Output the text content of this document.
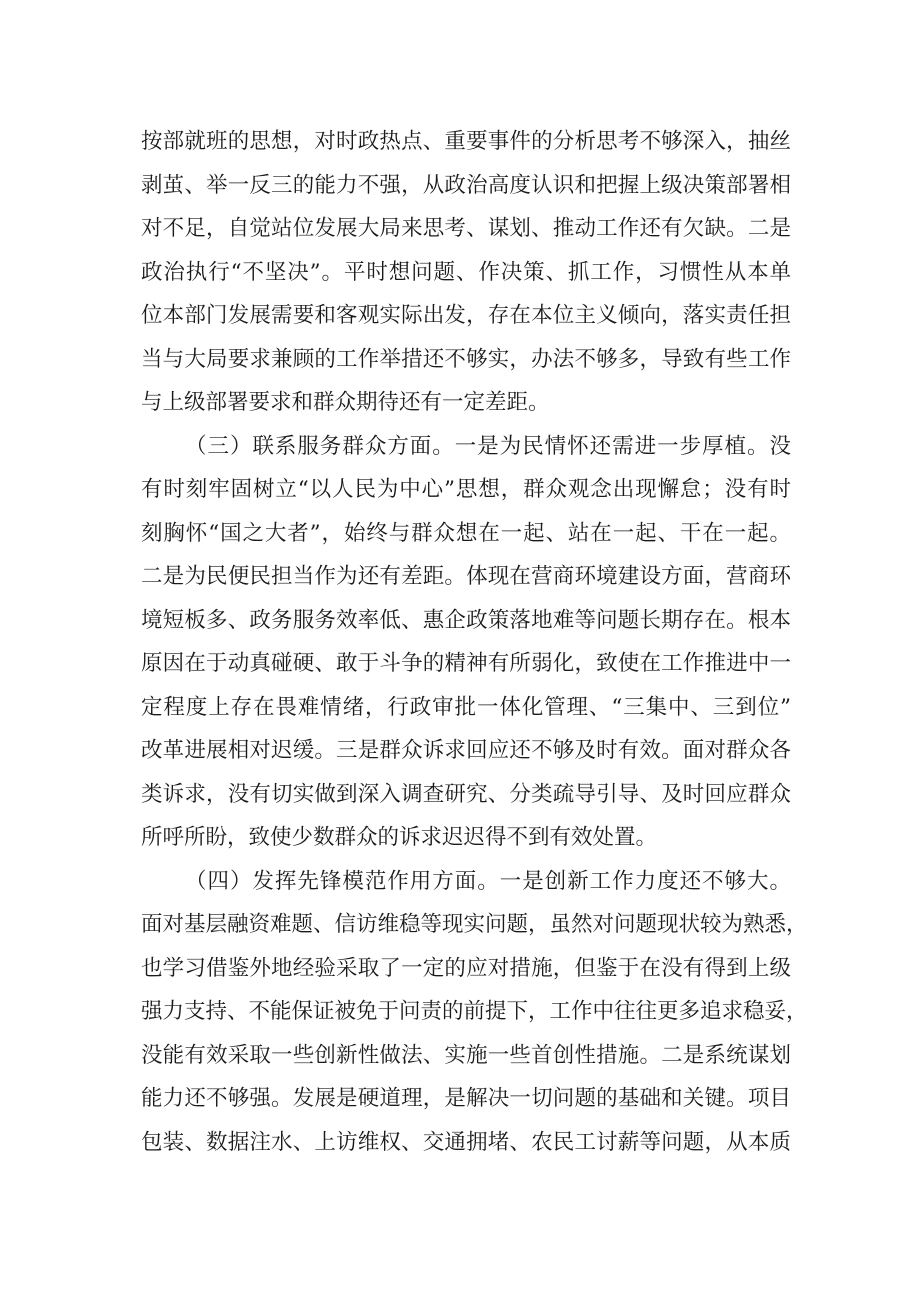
按部就班的思想，对时政热点、重要事件的分析思考不够深入，抽丝
剥茧、举一反三的能力不强，从政治高度认识和把握上级决策部署相
对不足，自觉站位发展大局来思考、谋划、推动工作还有欠缺。二是
政治执行“不坚决”。平时想问题、作决策、抓工作，习惯性从本单
位本部门发展需要和客观实际出发，存在本位主义倾向，落实责任担
当与大局要求兼顾的工作举措还不够实，办法不够多，导致有些工作
与上级部署要求和群众期待还有一定差距。
（三）联系服务群众方面。一是为民情怀还需进一步厚植。没
有时刻牢固树立“以人民为中心”思想，群众观念出现懈怠；没有时
刻胸怀“国之大者”，始终与群众想在一起、站在一起、干在一起。
二是为民便民担当作为还有差距。体现在营商环境建设方面，营商环
境短板多、政务服务效率低、惠企政策落地难等问题长期存在。根本
原因在于动真碰硬、敢于斗争的精神有所弱化，致使在工作推进中一
定程度上存在畏难情绪，行政审批一体化管理、“三集中、三到位”
改革进展相对迟缓。三是群众诉求回应还不够及时有效。面对群众各
类诉求，没有切实做到深入调查研究、分类疏导引导、及时回应群众
所呼所盼，致使少数群众的诉求迟迟得不到有效处置。
（四）发挥先锋模范作用方面。一是创新工作力度还不够大。
面对基层融资难题、信访维稳等现实问题，虽然对问题现状较为熟悉，
也学习借鉴外地经验采取了一定的应对措施，但鉴于在没有得到上级
强力支持、不能保证被免于问责的前提下，工作中往往更多追求稳妥，
没能有效采取一些创新性做法、实施一些首创性措施。二是系统谋划
能力还不够强。发展是硬道理，是解决一切问题的基础和关键。项目
包装、数据注水、上访维权、交通拥堵、农民工讨薪等问题，从本质
